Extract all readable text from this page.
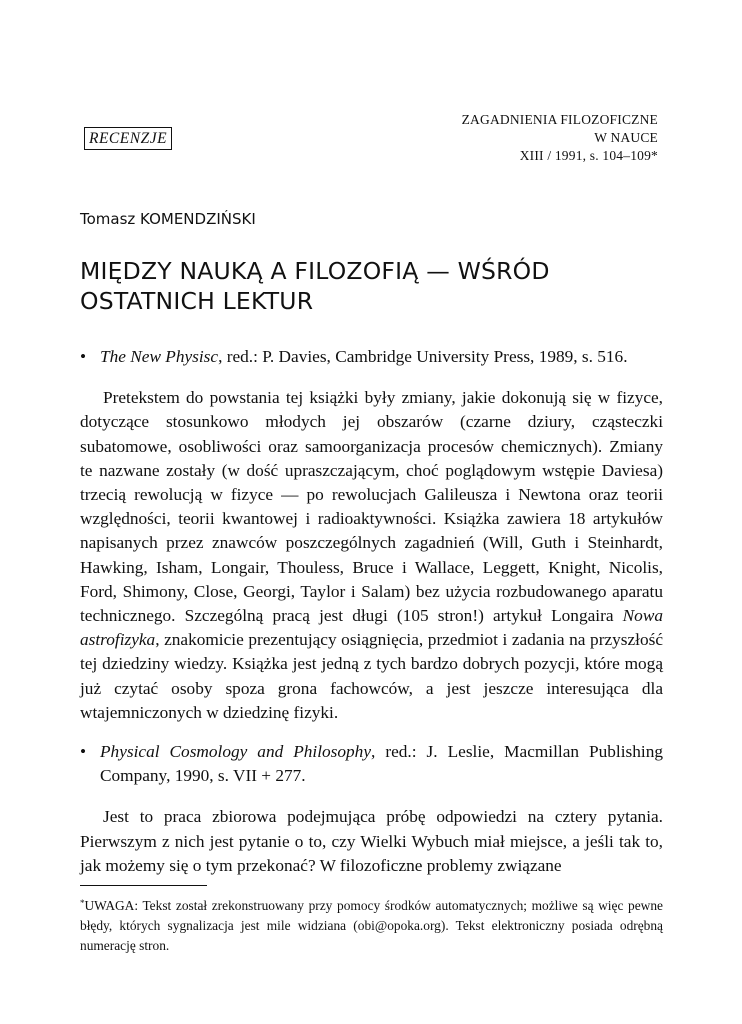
ZAGADNIENIA FILOZOFICZNE
W NAUCE
XIII / 1991, s. 104–109*
RECENZJE
Tomasz KOMENDZIŃSKI
MIĘDZY NAUKĄ A FILOZOFIĄ — WŚRÓD
OSTATNICH LEKTUR

• The New Physisc, red.: P. Davies, Cambridge University Press, 1989, s. 516.

Pretekstem do powstania tej książki były zmiany, jakie dokonują się w fizyce, dotyczące stosunkowo młodych jej obszarów (czarne dziury, cząsteczki subatomowe, osobliwości oraz samoorganizacja procesów chemicznych). Zmiany te nazwane zostały (w dość upraszczającym, choć poglądowym wstępie Daviesa) trzecią rewolucją w fizyce — po rewolucjach Galileusza i Newtona oraz teorii względności, teorii kwantowej i radioaktywności. Książka zawiera 18 artykułów napisanych przez znawców poszczególnych zagadnień (Will, Guth i Steinhardt, Hawking, Isham, Longair, Thouless, Bruce i Wallace, Leggett, Knight, Nicolis, Ford, Shimony, Close, Georgi, Taylor i Salam) bez użycia rozbudowanego aparatu technicznego. Szczególną pracą jest długi (105 stron!) artykuł Longaira Nowa astrofizyka, znakomicie prezentujący osiągnięcia, przedmiot i zadania na przyszłość tej dziedziny wiedzy. Książka jest jedną z tych bardzo dobrych pozycji, które mogą już czytać osoby spoza grona fachowców, a jest jeszcze interesująca dla wtajemniczonych w dziedzinę fizyki.

• Physical Cosmology and Philosophy, red.: J. Leslie, Macmillan Publishing Company, 1990, s. VII + 277.

Jest to praca zbiorowa podejmująca próbę odpowiedzi na cztery pytania. Pierwszym z nich jest pytanie o to, czy Wielki Wybuch miał miejsce, a jeśli tak to, jak możemy się o tym przekonać? W filozoficzne problemy związane

*UWAGA: Tekst został zrekonstruowany przy pomocy środków automatycznych; możliwe są więc pewne błędy, których sygnalizacja jest mile widziana (obi@opoka.org). Tekst elektroniczny posiada odrębną numerację stron.
